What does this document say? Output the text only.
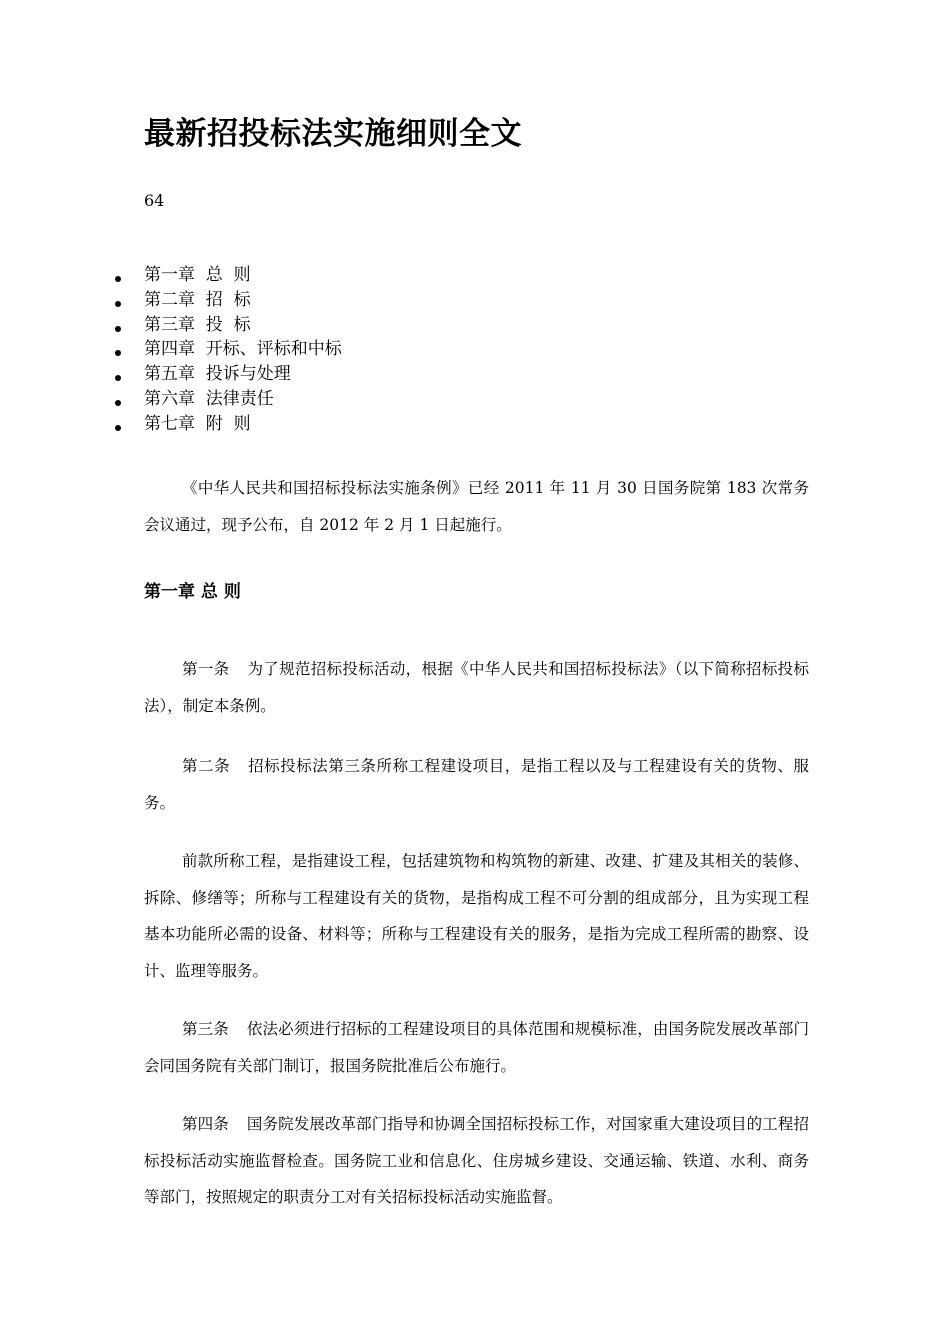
最新招投标法实施细则全文
64
第一章  总  则
第二章  招  标
第三章  投  标
第四章  开标、评标和中标
第五章  投诉与处理
第六章  法律责任
第七章  附  则

《中华人民共和国招标投标法实施条例》已经 2011 年 11 月 30 日国务院第 183 次常务会议通过，现予公布，自 2012 年 2 月 1 日起施行。

第一章 总 则

第一条 为了规范招标投标活动，根据《中华人民共和国招标投标法》（以下简称招标投标法），制定本条例。

第二条 招标投标法第三条所称工程建设项目，是指工程以及与工程建设有关的货物、服务。

前款所称工程，是指建设工程，包括建筑物和构筑物的新建、改建、扩建及其相关的装修、拆除、修缮等；所称与工程建设有关的货物，是指构成工程不可分割的组成部分，且为实现工程基本功能所必需的设备、材料等；所称与工程建设有关的服务，是指为完成工程所需的勘察、设计、监理等服务。

第三条 依法必须进行招标的工程建设项目的具体范围和规模标准，由国务院发展改革部门会同国务院有关部门制订，报国务院批准后公布施行。

第四条 国务院发展改革部门指导和协调全国招标投标工作，对国家重大建设项目的工程招标投标活动实施监督检查。国务院工业和信息化、住房城乡建设、交通运输、铁道、水利、商务等部门，按照规定的职责分工对有关招标投标活动实施监督。
